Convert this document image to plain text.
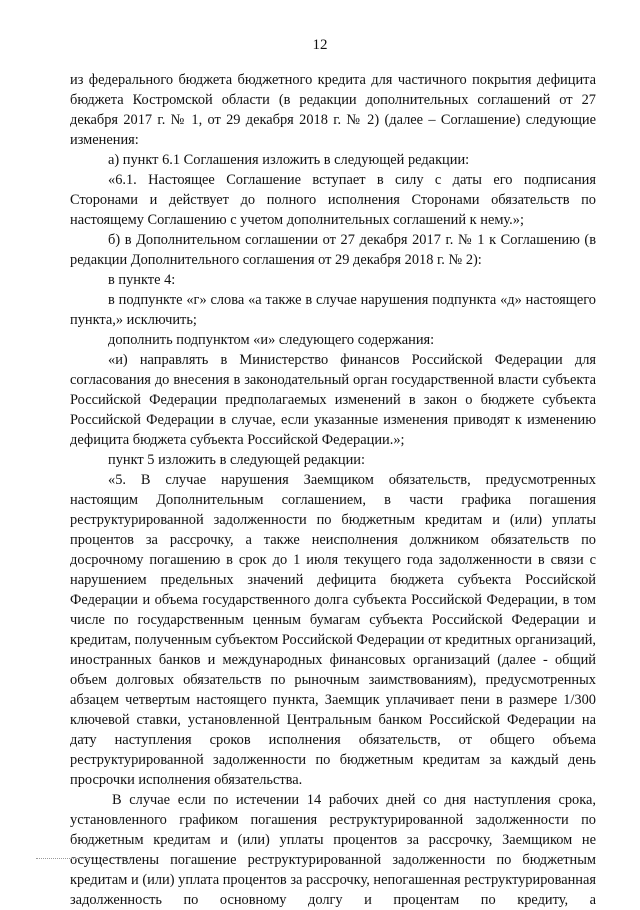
12

из федерального бюджета бюджетного кредита для частичного покрытия дефицита бюджета Костромской области (в редакции дополнительных соглашений от 27 декабря 2017 г. № 1, от 29 декабря 2018 г. № 2) (далее – Соглашение) следующие изменения:

а) пункт 6.1 Соглашения изложить в следующей редакции:

«6.1. Настоящее Соглашение вступает в силу с даты его подписания Сторонами и действует до полного исполнения Сторонами обязательств по настоящему Соглашению с учетом дополнительных соглашений к нему.»;

б) в Дополнительном соглашении от 27 декабря 2017 г. № 1 к Соглашению (в редакции Дополнительного соглашения от 29 декабря 2018 г. № 2):

в пункте 4:

в подпункте «г» слова «а также в случае нарушения подпункта «д» настоящего пункта,» исключить;

дополнить подпунктом «и» следующего содержания:

«и) направлять в Министерство финансов Российской Федерации для согласования до внесения в законодательный орган государственной власти субъекта Российской Федерации предполагаемых изменений в закон о бюджете субъекта Российской Федерации в случае, если указанные изменения приводят к изменению дефицита бюджета субъекта Российской Федерации.»;

пункт 5 изложить в следующей редакции:

«5. В случае нарушения Заемщиком обязательств, предусмотренных настоящим Дополнительным соглашением, в части графика погашения реструктурированной задолженности по бюджетным кредитам и (или) уплаты процентов за рассрочку, а также неисполнения должником обязательств по досрочному погашению в срок до 1 июля текущего года задолженности в связи с нарушением предельных значений дефицита бюджета субъекта Российской Федерации и объема государственного долга субъекта Российской Федерации, в том числе по государственным ценным бумагам субъекта Российской Федерации и кредитам, полученным субъектом Российской Федерации от кредитных организаций, иностранных банков и международных финансовых организаций (далее - общий объем долговых обязательств по рыночным заимствованиям), предусмотренных абзацем четвертым настоящего пункта, Заемщик уплачивает пени в размере 1/300 ключевой ставки, установленной Центральным банком Российской Федерации на дату наступления сроков исполнения обязательств, от общего объема реструктурированной задолженности по бюджетным кредитам за каждый день просрочки исполнения обязательства.

В случае если по истечении 14 рабочих дней со дня наступления срока, установленного графиком погашения реструктурированной задолженности по бюджетным кредитам и (или) уплаты процентов за рассрочку, Заемщиком не осуществлены погашение реструктурированной задолженности по бюджетным кредитам и (или) уплата процентов за рассрочку, непогашенная реструктурированная задолженность по основному долгу и процентам по кредиту, а
